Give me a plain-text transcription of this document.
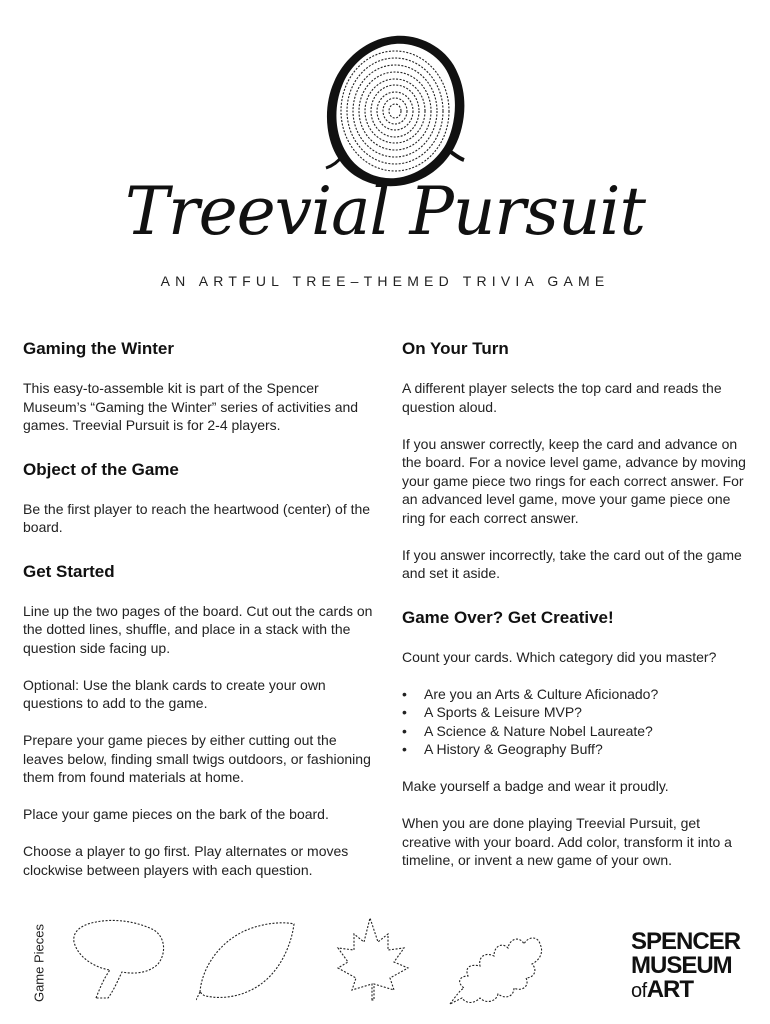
Treevial Pursuit
AN ARTFUL TREE–THEMED TRIVIA GAME
Gaming the Winter

This easy-to-assemble kit is part of the Spencer Museum’s “Gaming the Winter” series of activities and games. Treevial Pursuit is for 2-4 players.

Object of the Game

Be the first player to reach the heartwood (center) of the board.

Get Started

Line up the two pages of the board. Cut out the cards on the dotted lines, shuffle, and place in a stack with the question side facing up.

Optional: Use the blank cards to create your own questions to add to the game.

Prepare your game pieces by either cutting out the leaves below, finding small twigs outdoors, or fashioning them from found materials at home.

Place your game pieces on the bark of the board.

Choose a player to go first. Play alternates or moves clockwise between players with each question.

On Your Turn

A different player selects the top card and reads the question aloud.

If you answer correctly, keep the card and advance on the board. For a novice level game, advance by moving your game piece two rings for each correct answer. For an advanced level game, move your game piece one ring for each correct answer.

If you answer incorrectly, take the card out of the game and set it aside.

Game Over? Get Creative!

Count your cards. Which category did you master?

• Are you an Arts & Culture Aficionado?
• A Sports & Leisure MVP?
• A Science & Nature Nobel Laureate?
• A History & Geography Buff?

Make yourself a badge and wear it proudly.

When you are done playing Treevial Pursuit, get creative with your board. Add color, transform it into a timeline, or invent a new game of your own.

Game Pieces	SPENCER
MUSEUM
ofART
